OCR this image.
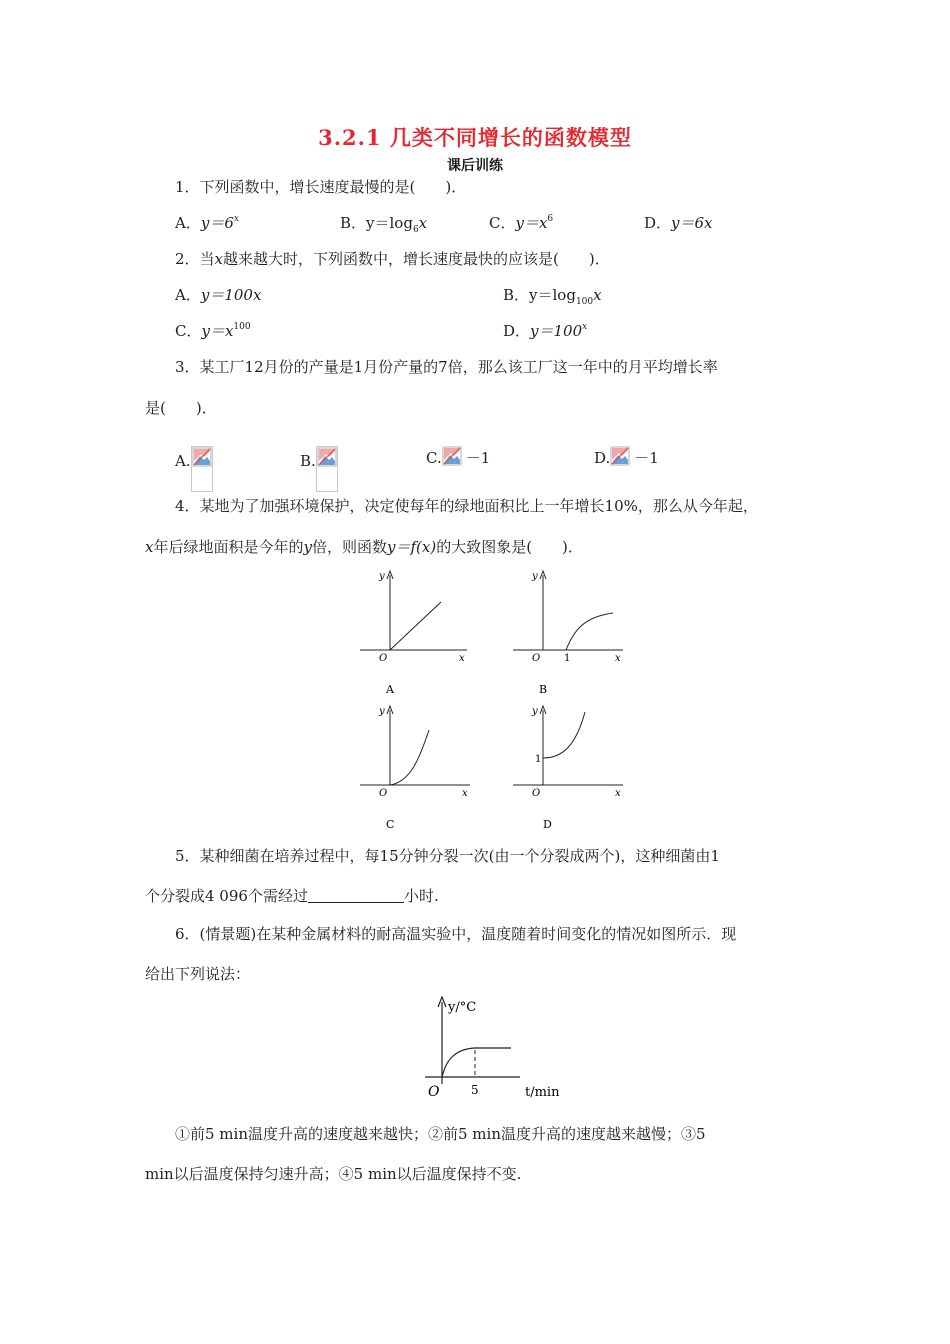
3.2.1 几类不同增长的函数模型
课后训练
1．下列函数中，增长速度最慢的是(　　)．
A．$y=6^x$	B．$y=\log_6x$	C．$y=x^6$	D．y＝6x
2．当x越来越大时，下列函数中，增长速度最快的应该是(　　)．
A．y＝100x	B．$y=\log_{100}x$
C．$y=x^{100}$	D．$y=100^x$
3．某工厂12月份的产量是1月份产量的7倍，那么该工厂这一年中的月平均增长率
是(　　)．
A.	B.	C. －1	D. －1
4．某地为了加强环境保护，决定使每年的绿地面积比上一年增长10%，那么从今年起，
x年后绿地面积是今年的y倍，则函数y＝f(x)的大致图象是(　　)．
y
x
O
A
y
x
O 1
B
y
x
O
C
y
x
O
1
D
5．某种细菌在培养过程中，每15分钟分裂一次(由一个分裂成两个)，这种细菌由1
个分裂成4 096个需经过	小时.
6．(情景题)在某种金属材料的耐高温实验中，温度随着时间变化的情况如图所示．现
给出下列说法：
y/°C
t/min
O	5
①前5 min温度升高的速度越来越快；②前5 min温度升高的速度越来越慢；③5
min以后温度保持匀速升高；④5 min以后温度保持不变.
